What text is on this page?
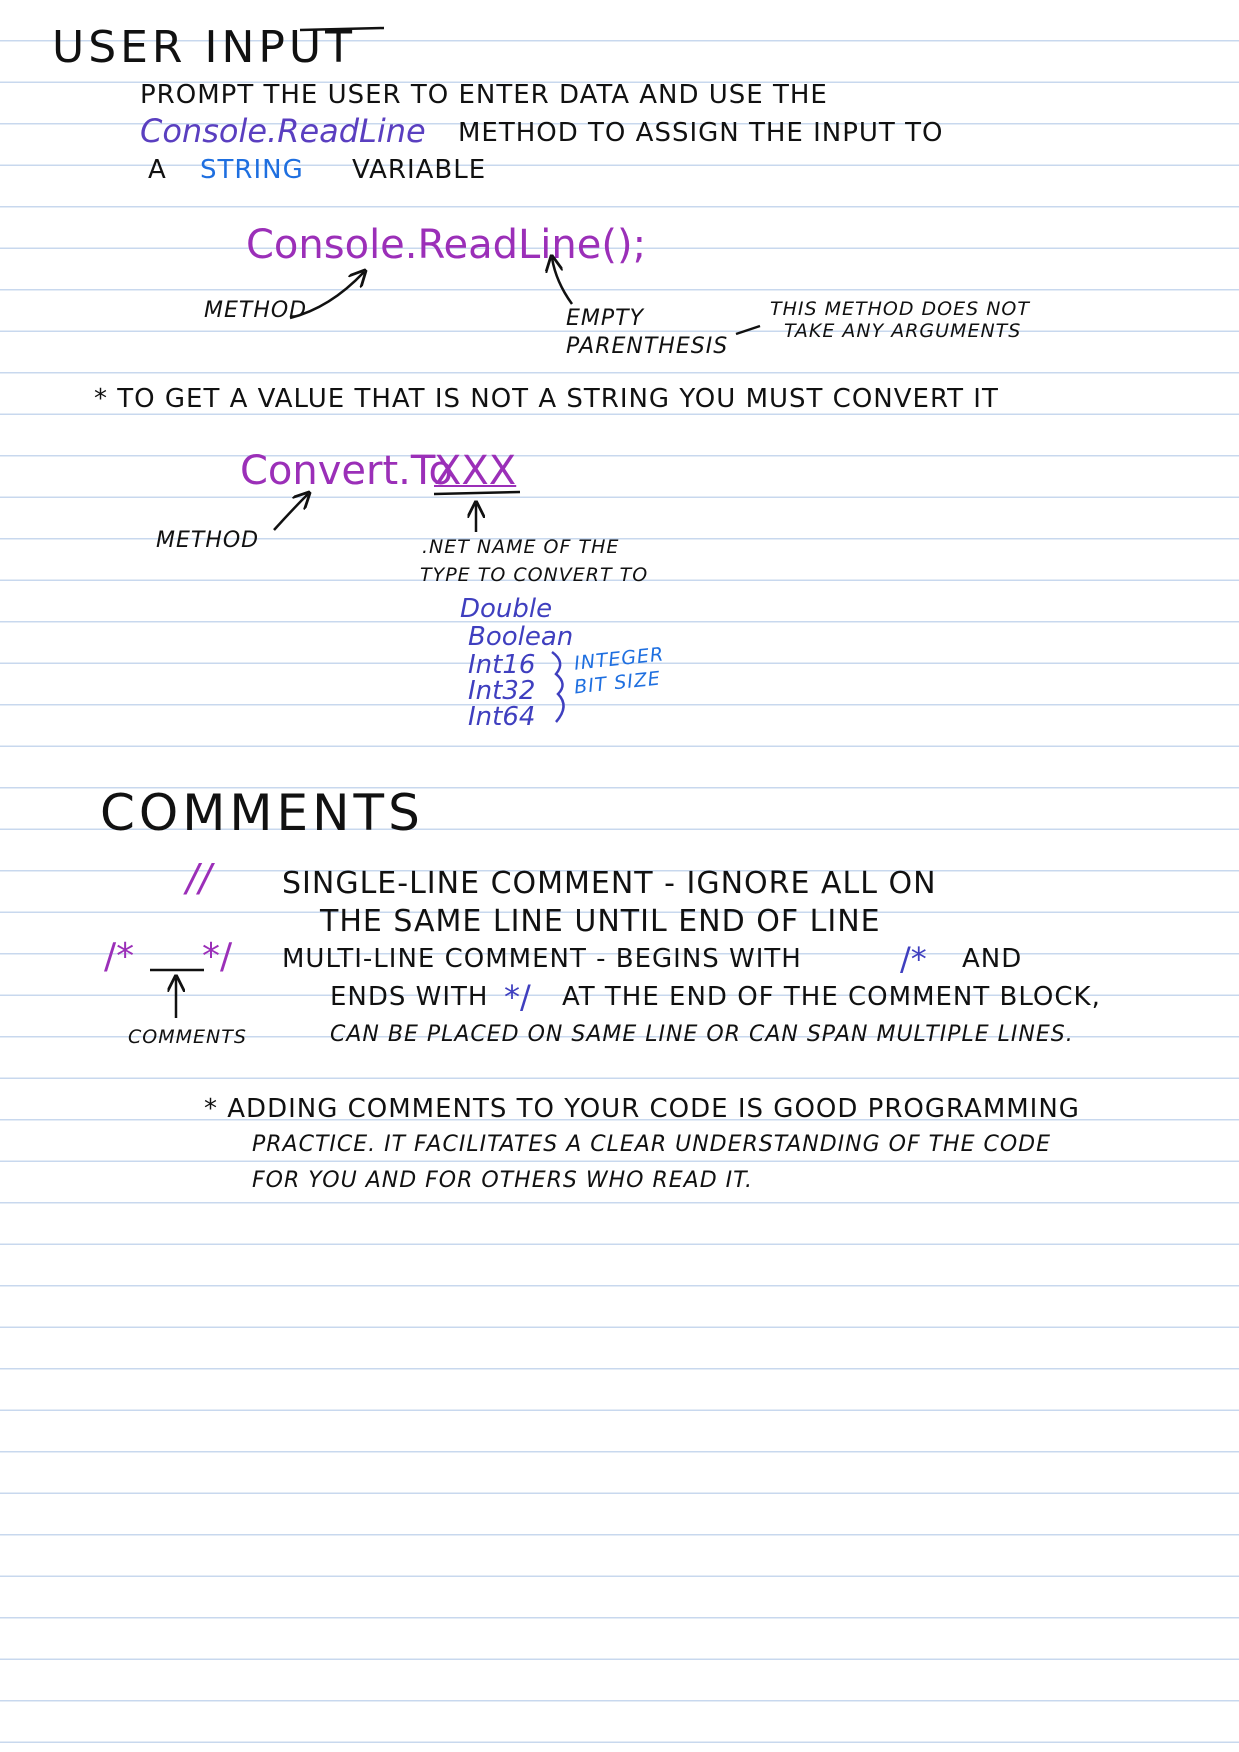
USER INPUT
PROMPT THE USER TO ENTER DATA AND USE THE
Console.ReadLine METHOD TO ASSIGN THE INPUT TO
A STRING VARIABLE
Console.ReadLine();
METHOD	EMPTY
PARENTHESIS
THIS METHOD DOES NOT
TAKE ANY ARGUMENTS
* TO GET A VALUE THAT IS NOT A STRING YOU MUST CONVERT IT
Convert.To
XXX
METHOD	.NET NAME OF THE
TYPE TO CONVERT TO
Double
Boolean
Int16
Int32
Int64
INTEGER
BIT SIZE
COMMENTS
// SINGLE-LINE COMMENT - IGNORE ALL ON
THE SAME LINE UNTIL END OF LINE
/* */ MULTI-LINE COMMENT - BEGINS WITH	/* AND
ENDS WITH */ AT THE END OF THE COMMENT BLOCK,
CAN BE PLACED ON SAME LINE OR CAN SPAN MULTIPLE LINES.
COMMENTS
* ADDING COMMENTS TO YOUR CODE IS GOOD PROGRAMMING
PRACTICE. IT FACILITATES A CLEAR UNDERSTANDING OF THE CODE
FOR YOU AND FOR OTHERS WHO READ IT.
